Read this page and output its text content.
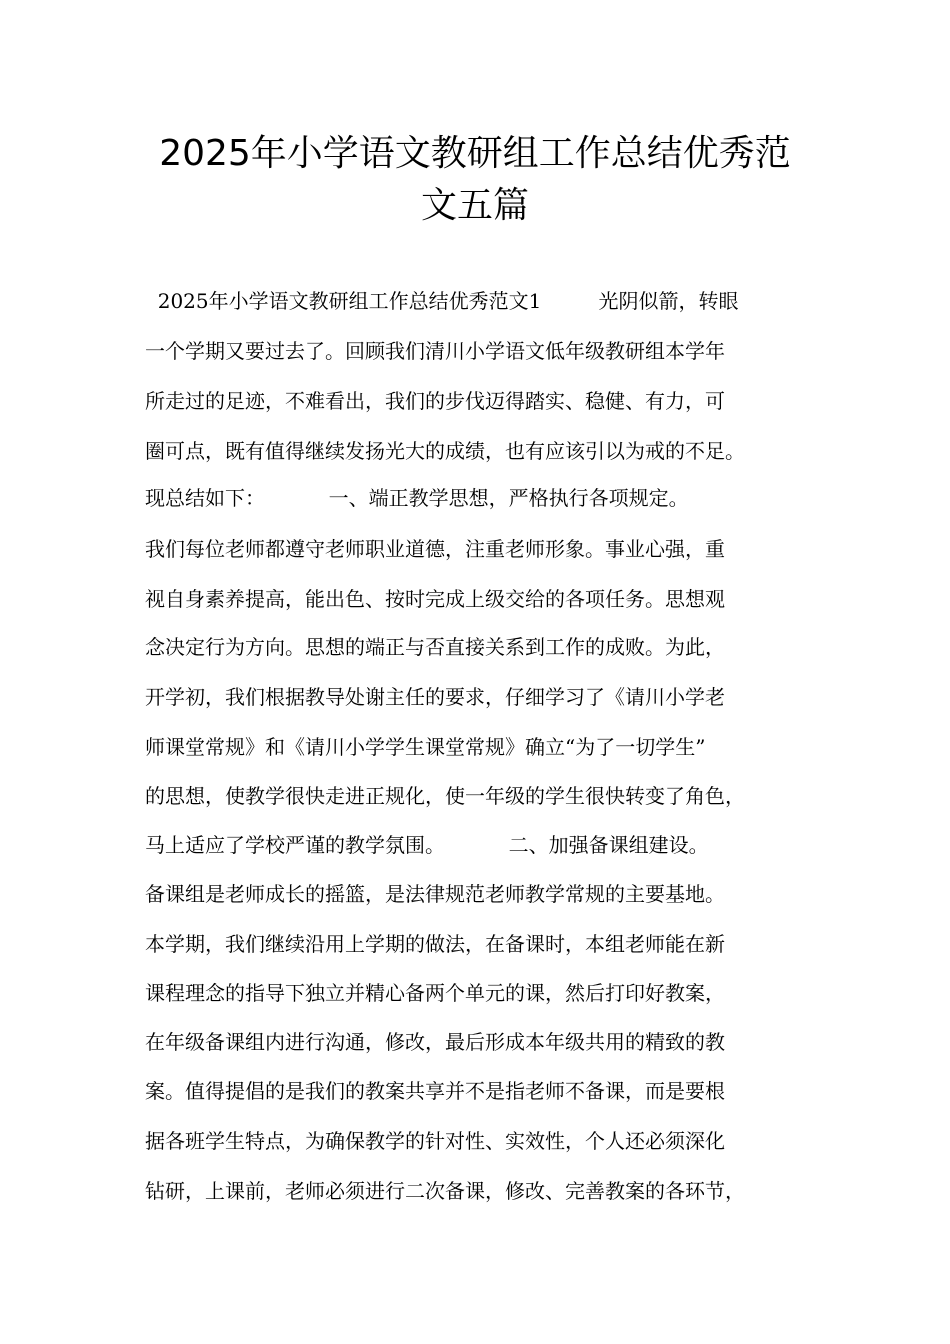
2025年小学语文教研组工作总结优秀范
文五篇
2025年小学语文教研组工作总结优秀范文1         光阴似箭，转眼
一个学期又要过去了。回顾我们清川小学语文低年级教研组本学年
所走过的足迹，不难看出，我们的步伐迈得踏实、稳健、有力，可
圈可点，既有值得继续发扬光大的成绩，也有应该引以为戒的不足。
现总结如下：          一、端正教学思想，严格执行各项规定。
我们每位老师都遵守老师职业道德，注重老师形象。事业心强，重
视自身素养提高，能出色、按时完成上级交给的各项任务。思想观
念决定行为方向。思想的端正与否直接关系到工作的成败。为此，
开学初，我们根据教导处谢主任的要求，仔细学习了《请川小学老
师课堂常规》和《请川小学学生课堂常规》确立“为了一切学生”
的思想，使教学很快走进正规化，使一年级的学生很快转变了角色，
马上适应了学校严谨的教学氛围。          二、加强备课组建设。
备课组是老师成长的摇篮，是法律规范老师教学常规的主要基地。
本学期，我们继续沿用上学期的做法，在备课时，本组老师能在新
课程理念的指导下独立并精心备两个单元的课，然后打印好教案，
在年级备课组内进行沟通，修改，最后形成本年级共用的精致的教
案。值得提倡的是我们的教案共享并不是指老师不备课，而是要根
据各班学生特点，为确保教学的针对性、实效性，个人还必须深化
钻研，上课前，老师必须进行二次备课，修改、完善教案的各环节，
